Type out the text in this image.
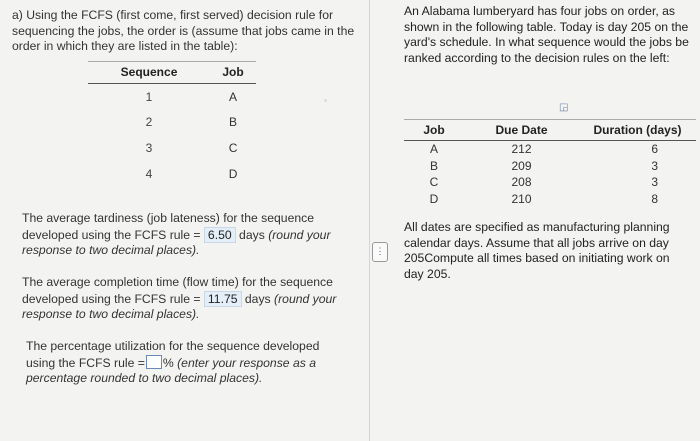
a) Using the FCFS (first come, first served) decision rule for sequencing the jobs, the order is (assume that jobs came in the order in which they are listed in the table):

Sequence	Job
1	A
2	B
3	C
4	D

The average tardiness (job lateness) for the sequence developed using the FCFS rule = 6.50 days (round your response to two decimal places).

The average completion time (flow time) for the sequence developed using the FCFS rule = 11.75 days (round your response to two decimal places).

The percentage utilization for the sequence developed using the FCFS rule = % (enter your response as a percentage rounded to two decimal places).

⋮

An Alabama lumberyard has four jobs on order, as shown in the following table. Today is day 205 on the yard's schedule. In what sequence would the jobs be ranked according to the decision rules on the left:

◲
Job	Due Date	Duration (days)
A	212	6
B	209	3
C	208	3
D	210	8

All dates are specified as manufacturing planning calendar days. Assume that all jobs arrive on day 205Compute all times based on initiating work on day 205.
